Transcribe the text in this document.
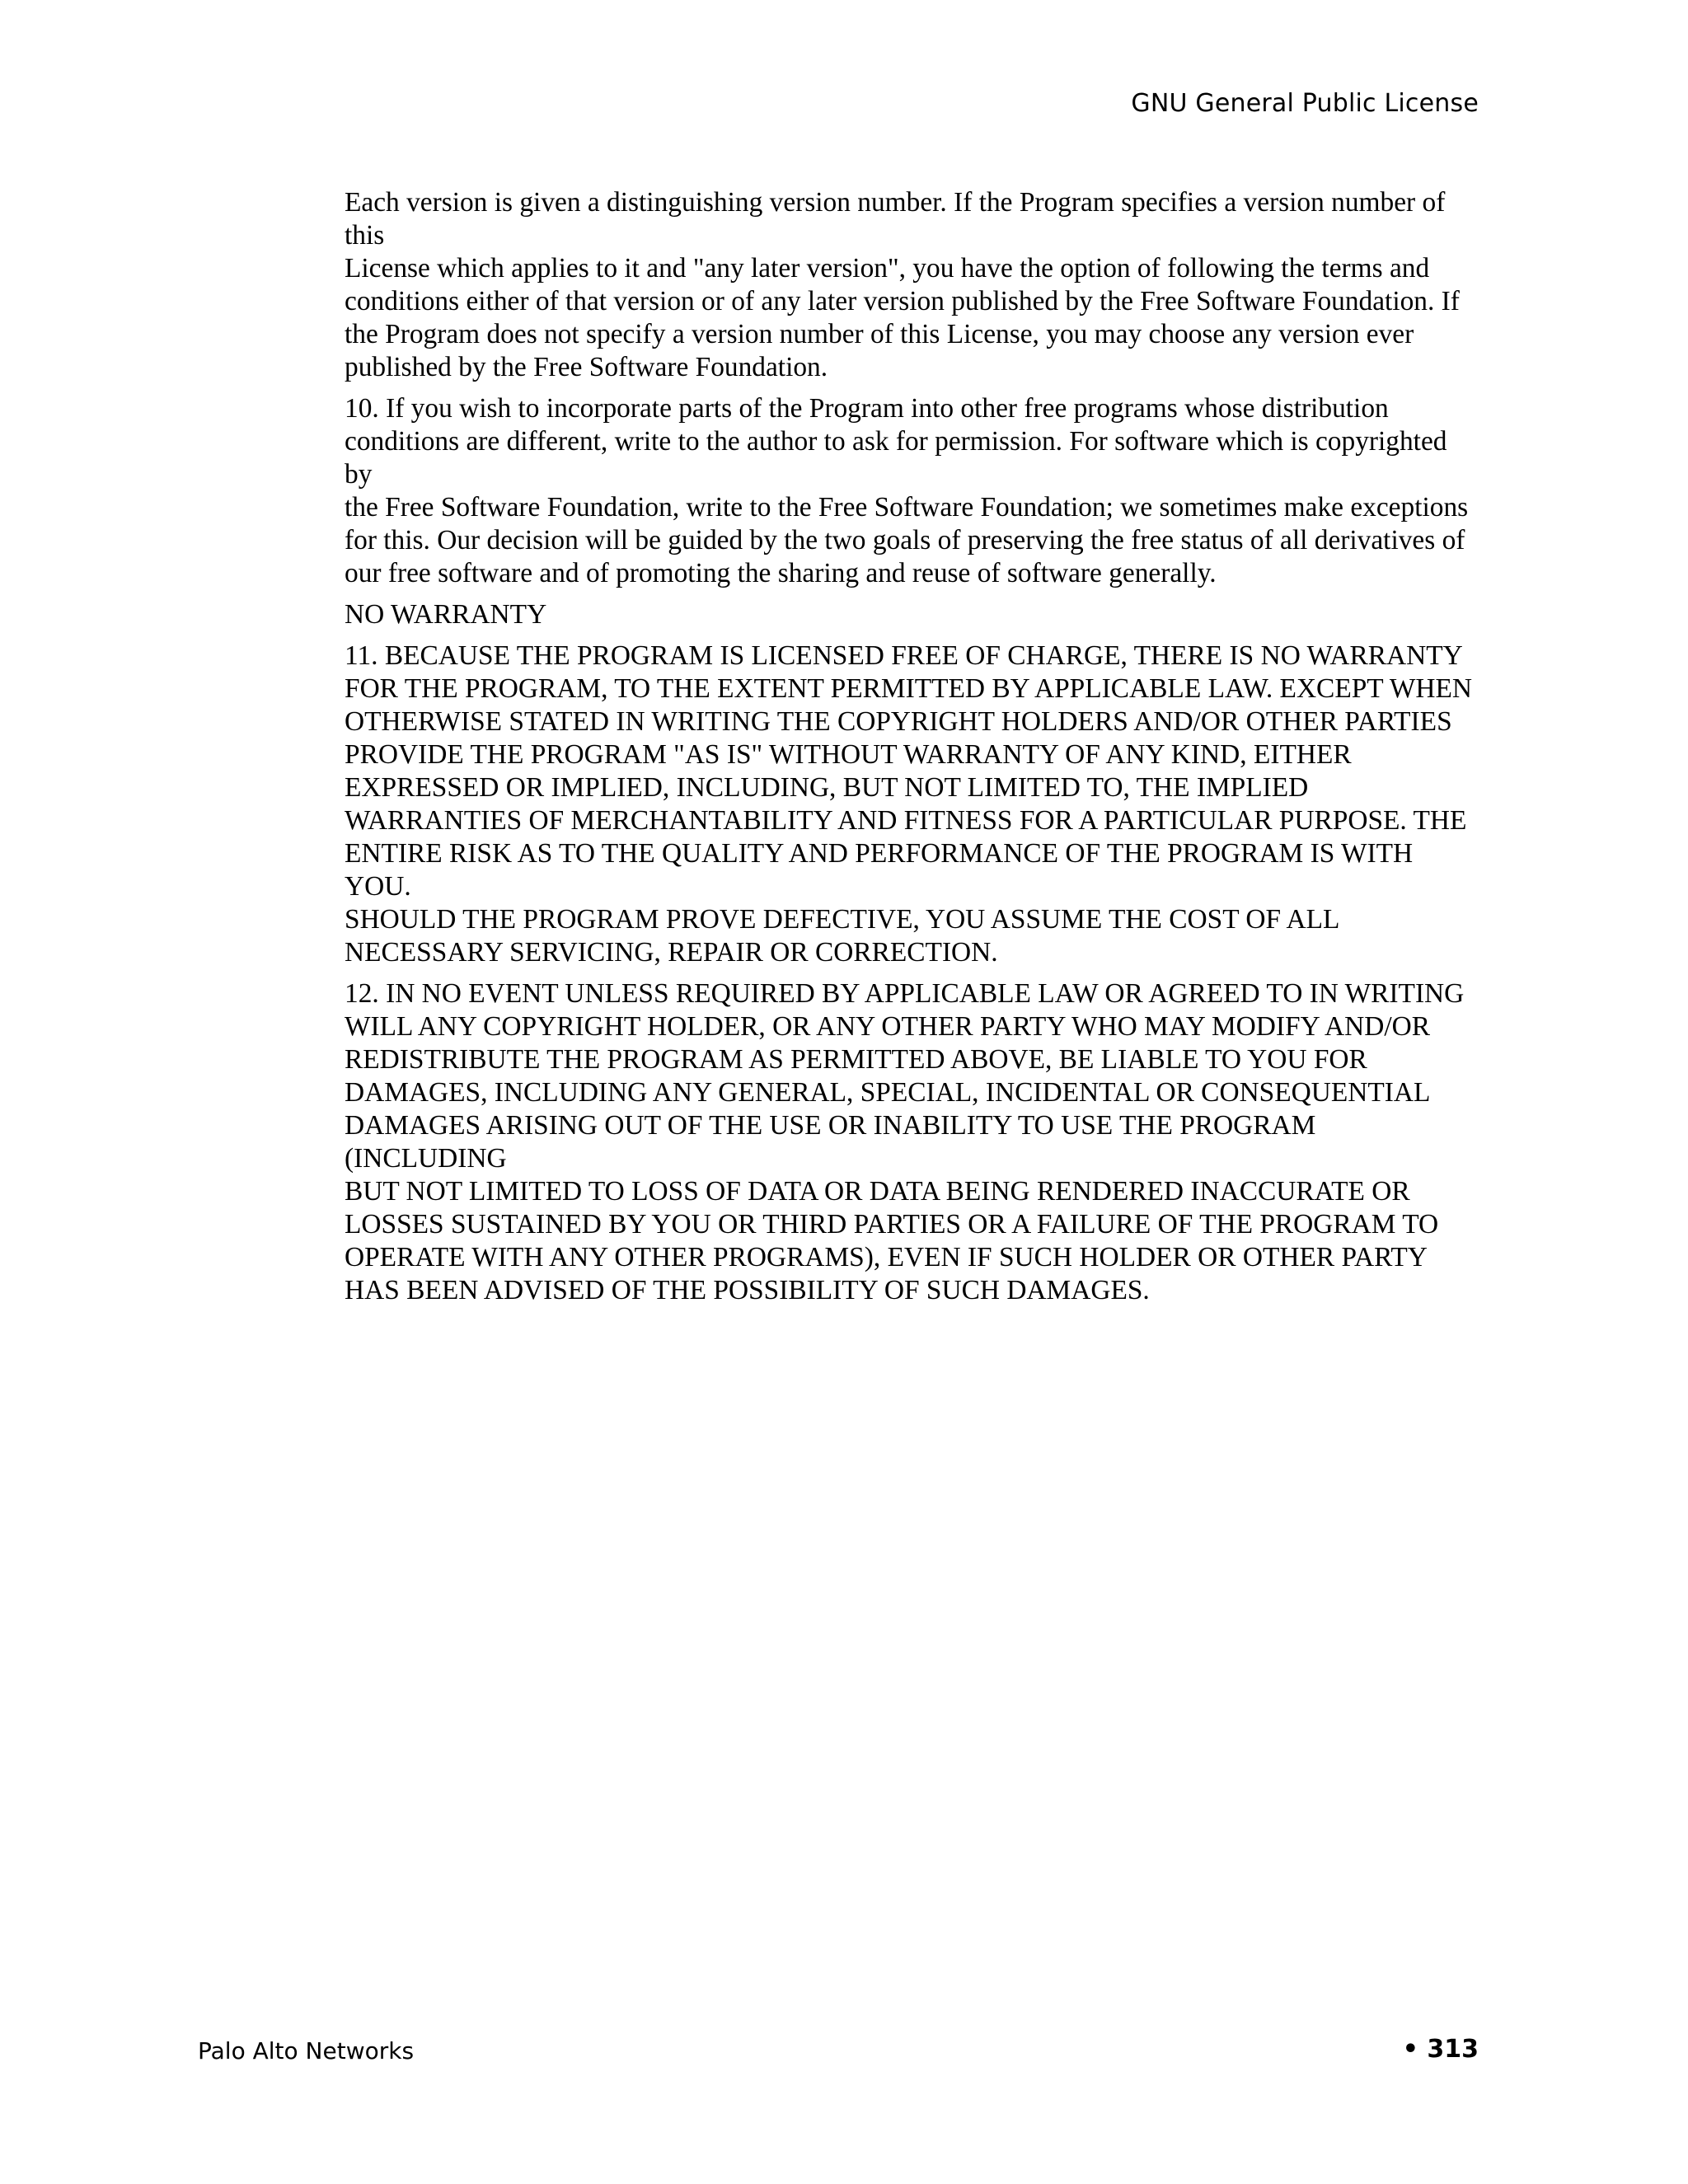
GNU General Public License

Each version is given a distinguishing version number. If the Program specifies a version number of this
License which applies to it and "any later version", you have the option of following the terms and
conditions either of that version or of any later version published by the Free Software Foundation. If
the Program does not specify a version number of this License, you may choose any version ever
published by the Free Software Foundation.

10. If you wish to incorporate parts of the Program into other free programs whose distribution
conditions are different, write to the author to ask for permission. For software which is copyrighted by
the Free Software Foundation, write to the Free Software Foundation; we sometimes make exceptions
for this. Our decision will be guided by the two goals of preserving the free status of all derivatives of
our free software and of promoting the sharing and reuse of software generally.

NO WARRANTY

11. BECAUSE THE PROGRAM IS LICENSED FREE OF CHARGE, THERE IS NO WARRANTY
FOR THE PROGRAM, TO THE EXTENT PERMITTED BY APPLICABLE LAW. EXCEPT WHEN
OTHERWISE STATED IN WRITING THE COPYRIGHT HOLDERS AND/OR OTHER PARTIES
PROVIDE THE PROGRAM "AS IS" WITHOUT WARRANTY OF ANY KIND, EITHER
EXPRESSED OR IMPLIED, INCLUDING, BUT NOT LIMITED TO, THE IMPLIED
WARRANTIES OF MERCHANTABILITY AND FITNESS FOR A PARTICULAR PURPOSE. THE
ENTIRE RISK AS TO THE QUALITY AND PERFORMANCE OF THE PROGRAM IS WITH YOU.
SHOULD THE PROGRAM PROVE DEFECTIVE, YOU ASSUME THE COST OF ALL
NECESSARY SERVICING, REPAIR OR CORRECTION.

12. IN NO EVENT UNLESS REQUIRED BY APPLICABLE LAW OR AGREED TO IN WRITING
WILL ANY COPYRIGHT HOLDER, OR ANY OTHER PARTY WHO MAY MODIFY AND/OR
REDISTRIBUTE THE PROGRAM AS PERMITTED ABOVE, BE LIABLE TO YOU FOR
DAMAGES, INCLUDING ANY GENERAL, SPECIAL, INCIDENTAL OR CONSEQUENTIAL
DAMAGES ARISING OUT OF THE USE OR INABILITY TO USE THE PROGRAM (INCLUDING
BUT NOT LIMITED TO LOSS OF DATA OR DATA BEING RENDERED INACCURATE OR
LOSSES SUSTAINED BY YOU OR THIRD PARTIES OR A FAILURE OF THE PROGRAM TO
OPERATE WITH ANY OTHER PROGRAMS), EVEN IF SUCH HOLDER OR OTHER PARTY
HAS BEEN ADVISED OF THE POSSIBILITY OF SUCH DAMAGES.

Palo Alto Networks	• 313
